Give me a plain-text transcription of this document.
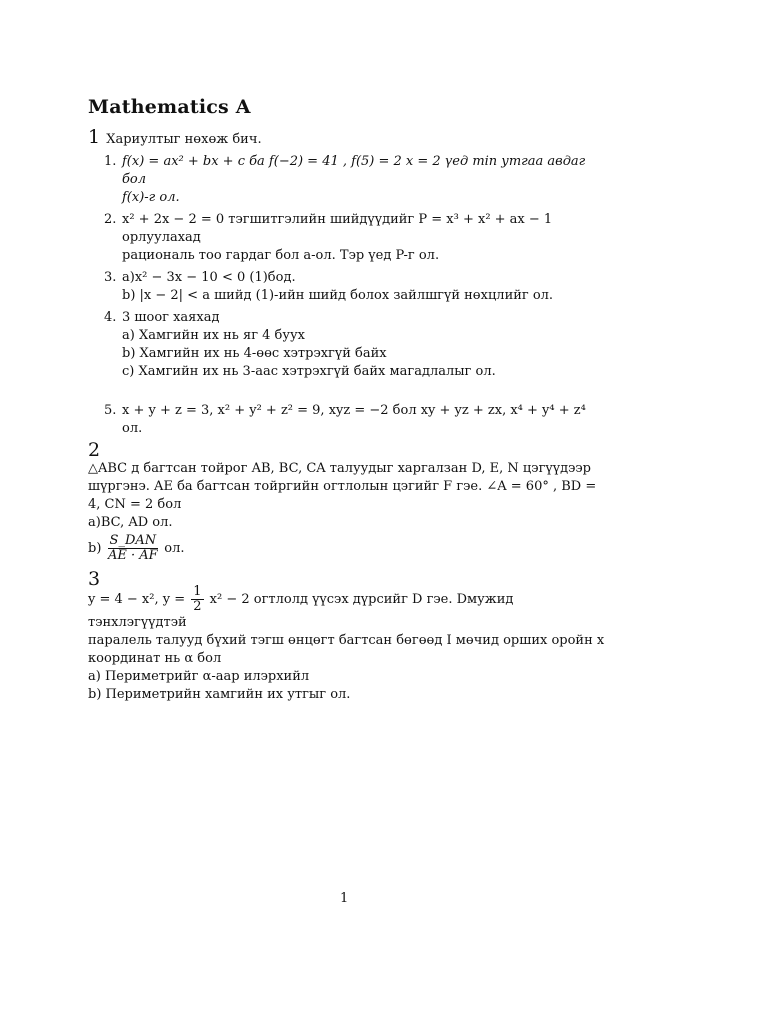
Mathematics A
1 Хариултыг нөхөж бич.
1. f(x) = ax² + bx + c ба f(−2) = 41 , f(5) = 2 x = 2 үед min утгаа авдаг бол
f(x)-г ол.
2. x² + 2x − 2 = 0 тэгшитгэлийн шийдүүдийг P = x³ + x² + ax − 1 орлуулахад
рациональ тоо гардаг бол a-ол. Тэр үед P-г ол.
3. a)x² − 3x − 10 < 0 (1)бод.
b) |x − 2| < a шийд (1)-ийн шийд болох зайлшгүй нөхцлийг ол.
4. 3 шоог хаяхад
a) Хамгийн их нь яг 4 буух
b) Хамгийн их нь 4-өөс хэтрэхгүй байх
c) Хамгийн их нь 3-аас хэтрэхгүй байх магадлалыг ол.
5. x + y + z = 3, x² + y² + z² = 9, xyz = −2 бол xy + yz + zx, x⁴ + y⁴ + z⁴ ол.
2
△ABC д багтсан тойрог AB, BC, CA талуудыг харгалзан D, E, N цэгүүдээр
шүргэнэ. AE ба багтсан тойргийн огтлолын цэгийг F гэе. ∠A = 60° , BD =
4, CN = 2 бол
a)BC, AD ол.
$b) \frac{\text{S\_DAN}}{AE \cdot AF}$ ол.
3
y = 4 − x², $y = \frac{1}{2} x^2 - 2$ огтлолд үүсэх дүрсийг D гэе. Dмужид тэнхлэгүүдтэй
паралель талууд бүхий тэгш өнцөгт багтсан бөгөөд I мөчид орших оройн x
координат нь α бол
a) Периметрийг α-аар илэрхийл
b) Периметрийн хамгийн их утгыг ол.
1
